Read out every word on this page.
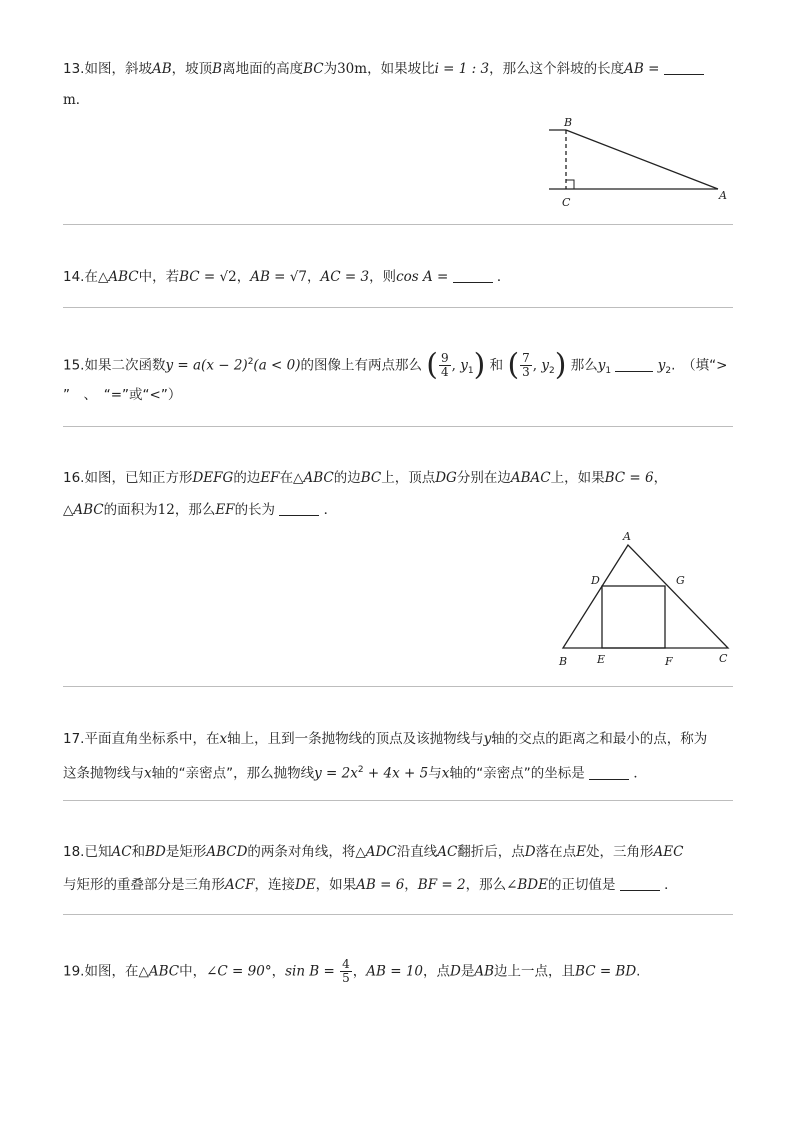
13.如图，斜坡AB，坡顶B离地面的高度BC为30m，如果坡比i = 1 : 3，那么这个斜坡的长度AB =
m．
B
C
A
14.在△ABC中，若BC = √2，AB = √7，AC = 3，则cos A =	．
15.如果二次函数$y = a(x - 2)^2(a < 0)$的图像上有两点那么 ( $\frac{9}{4}$ , $y_1$) 和 ( $\frac{7}{3}$ , $y_2$) 那么$y_1$	$y_2$.　（填“>
”　、　“=”或“<”）
16.如图，已知正方形DEFG的边EF在△ABC的边BC上，顶点DG分别在边ABAC上，如果BC = 6，
△ABC的面积为12，那么EF的长为	．
A
D	G
B	E	F	C
17.平面直角坐标系中，在x轴上，且到一条抛物线的顶点及该抛物线与y轴的交点的距离之和最小的点，称为
这条抛物线与x轴的“亲密点”，那么抛物线$y = 2x^2 + 4x + 5$与x轴的“亲密点”的坐标是	．
18.已知AC和BD是矩形ABCD的两条对角线，将△ADC沿直线AC翻折后，点D落在点E处，三角形AEC
与矩形的重叠部分是三角形ACF，连接DE，如果AB = 6，BF = 2，那么∠BDE的正切值是	．
19.如图，在△ABC中，∠C = 90°，$\sin B = \frac{4}{5}$ ，AB = 10，点D是AB边上一点，且BC = BD.
